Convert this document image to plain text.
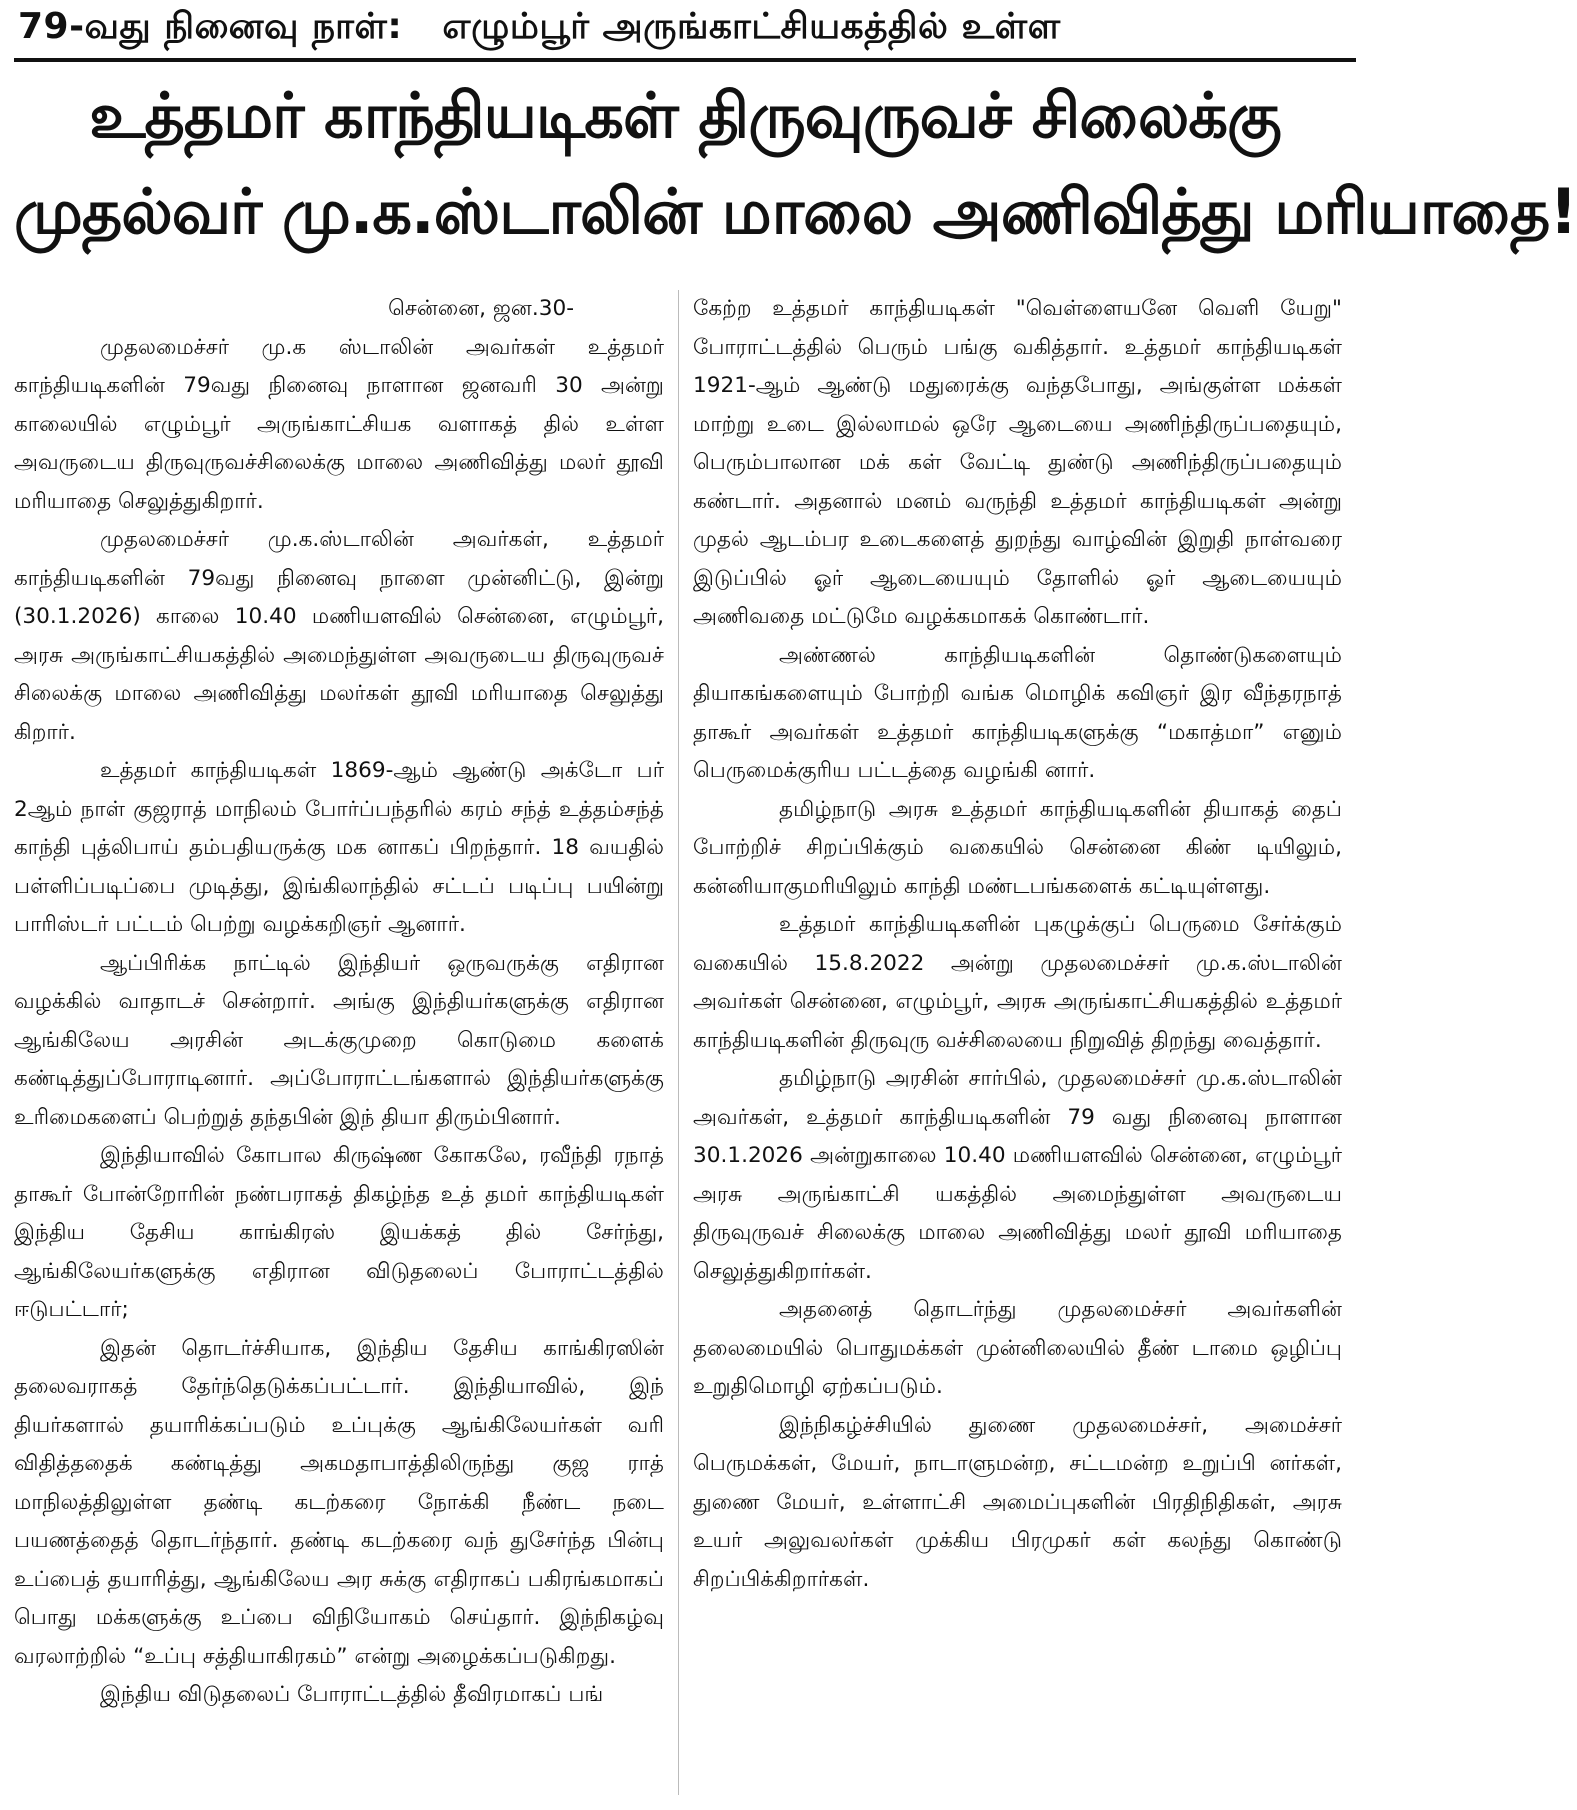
79-வது நினைவு நாள்: எழும்பூர் அருங்காட்சியகத்தில் உள்ள
உத்தமர் காந்தியடிகள் திருவுருவச் சிலைக்கு
முதல்வர் மு.க.ஸ்டாலின் மாலை அணிவித்து மரியாதை!

சென்னை, ஜன.30-

முதலமைச்சர் மு.க ஸ்டாலின் அவர்கள் உத்தமர் காந்தியடிகளின் 79வது நினைவு நாளான ஜனவரி 30 அன்று காலையில் எழும்பூர் அருங்காட்சியக வளாகத் தில் உள்ள அவருடைய திருவுருவச்சிலைக்கு மாலை அணிவித்து மலர் தூவி மரியாதை செலுத்துகிறார்.

முதலமைச்சர் மு.க.ஸ்டாலின் அவர்கள், உத்தமர் காந்தியடிகளின் 79வது நினைவு நாளை முன்னிட்டு, இன்று (30.1.2026) காலை 10.40 மணியளவில் சென்னை, எழும்பூர், அரசு அருங்காட்சியகத்தில் அமைந்துள்ள அவருடைய திருவுருவச் சிலைக்கு மாலை அணிவித்து மலர்கள் தூவி மரியாதை செலுத்து கிறார்.

உத்தமர் காந்தியடிகள் 1869-ஆம் ஆண்டு அக்டோ பர் 2ஆம் நாள் குஜராத் மாநிலம் போர்ப்பந்தரில் கரம் சந்த் உத்தம்சந்த் காந்தி புத்லிபாய் தம்பதியருக்கு மக னாகப் பிறந்தார். 18 வயதில் பள்ளிப்படிப்பை முடித்து, இங்கிலாந்தில் சட்டப் படிப்பு பயின்று பாரிஸ்டர் பட்டம் பெற்று வழக்கறிஞர் ஆனார்.

ஆப்பிரிக்க நாட்டில் இந்தியர் ஒருவருக்கு எதிரான வழக்கில் வாதாடச் சென்றார். அங்கு இந்தியர்களுக்கு எதிரான ஆங்கிலேய அரசின் அடக்குமுறை கொடுமை களைக் கண்டித்துப்போராடினார். அப்போராட்டங்களால் இந்தியர்களுக்கு உரிமைகளைப் பெற்றுத் தந்தபின் இந் தியா திரும்பினார்.

இந்தியாவில் கோபால கிருஷ்ண கோகலே, ரவீந்தி ரநாத் தாகூர் போன்றோரின் நண்பராகத் திகழ்ந்த உத் தமர் காந்தியடிகள் இந்திய தேசிய காங்கிரஸ் இயக்கத் தில் சேர்ந்து, ஆங்கிலேயர்களுக்கு எதிரான விடுதலைப் போராட்டத்தில் ஈடுபட்டார்;

இதன் தொடர்ச்சியாக, இந்திய தேசிய காங்கிரஸின் தலைவராகத் தேர்ந்தெடுக்கப்பட்டார். இந்தியாவில், இந் தியர்களால் தயாரிக்கப்படும் உப்புக்கு ஆங்கிலேயர்கள் வரி விதித்ததைக் கண்டித்து அகமதாபாத்திலிருந்து குஜ ராத் மாநிலத்திலுள்ள தண்டி கடற்கரை நோக்கி நீண்ட நடை பயணத்தைத் தொடர்ந்தார். தண்டி கடற்கரை வந் துசேர்ந்த பின்பு உப்பைத் தயாரித்து, ஆங்கிலேய அர சுக்கு எதிராகப் பகிரங்கமாகப் பொது மக்களுக்கு உப்பை விநியோகம் செய்தார். இந்நிகழ்வு வரலாற்றில் “உப்பு சத்தியாகிரகம்” என்று அழைக்கப்படுகிறது.

இந்திய விடுதலைப் போராட்டத்தில் தீவிரமாகப் பங்

கேற்ற உத்தமர் காந்தியடிகள் "வெள்ளையனே வெளி யேறு" போராட்டத்தில் பெரும் பங்கு வகித்தார். உத்தமர் காந்தியடிகள் 1921-ஆம் ஆண்டு மதுரைக்கு வந்தபோது, அங்குள்ள மக்கள் மாற்று உடை இல்லாமல் ஒரே ஆடையை அணிந்திருப்பதையும், பெரும்பாலான மக் கள் வேட்டி துண்டு அணிந்திருப்பதையும் கண்டார். அதனால் மனம் வருந்தி உத்தமர் காந்தியடிகள் அன்று முதல் ஆடம்பர உடைகளைத் துறந்து வாழ்வின் இறுதி நாள்வரை இடுப்பில் ஓர் ஆடையையும் தோளில் ஓர் ஆடையையும் அணிவதை மட்டுமே வழக்கமாகக் கொண்டார்.

அண்ணல் காந்தியடிகளின் தொண்டுகளையும் தியாகங்களையும் போற்றி வங்க மொழிக் கவிஞர் இர வீந்தரநாத் தாகூர் அவர்கள் உத்தமர் காந்தியடிகளுக்கு “மகாத்மா” எனும் பெருமைக்குரிய பட்டத்தை வழங்கி னார்.

தமிழ்நாடு அரசு உத்தமர் காந்தியடிகளின் தியாகத் தைப் போற்றிச் சிறப்பிக்கும் வகையில் சென்னை கிண் டியிலும், கன்னியாகுமரியிலும் காந்தி மண்டபங்களைக் கட்டியுள்ளது.

உத்தமர் காந்தியடிகளின் புகழுக்குப் பெருமை சேர்க்கும் வகையில் 15.8.2022 அன்று முதலமைச்சர் மு.க.ஸ்டாலின் அவர்கள் சென்னை, எழும்பூர், அரசு அருங்காட்சியகத்தில் உத்தமர் காந்தியடிகளின் திருவுரு வச்சிலையை நிறுவித் திறந்து வைத்தார்.

தமிழ்நாடு அரசின் சார்பில், முதலமைச்சர் மு.க.ஸ்டாலின் அவர்கள், உத்தமர் காந்தியடிகளின் 79 வது நினைவு நாளான 30.1.2026 அன்றுகாலை 10.40 மணியளவில் சென்னை, எழும்பூர் அரசு அருங்காட்சி யகத்தில் அமைந்துள்ள அவருடைய திருவுருவச் சிலைக்கு மாலை அணிவித்து மலர் தூவி மரியாதை செலுத்துகிறார்கள்.

அதனைத் தொடர்ந்து முதலமைச்சர் அவர்களின் தலைமையில் பொதுமக்கள் முன்னிலையில் தீண் டாமை ஒழிப்பு உறுதிமொழி ஏற்கப்படும்.

இந்நிகழ்ச்சியில் துணை முதலமைச்சர், அமைச்சர் பெருமக்கள், மேயர், நாடாளுமன்ற, சட்டமன்ற உறுப்பி னர்கள், துணை மேயர், உள்ளாட்சி அமைப்புகளின் பிரதிநிதிகள், அரசு உயர் அலுவலர்கள் முக்கிய பிரமுகர் கள் கலந்து கொண்டு சிறப்பிக்கிறார்கள்.
